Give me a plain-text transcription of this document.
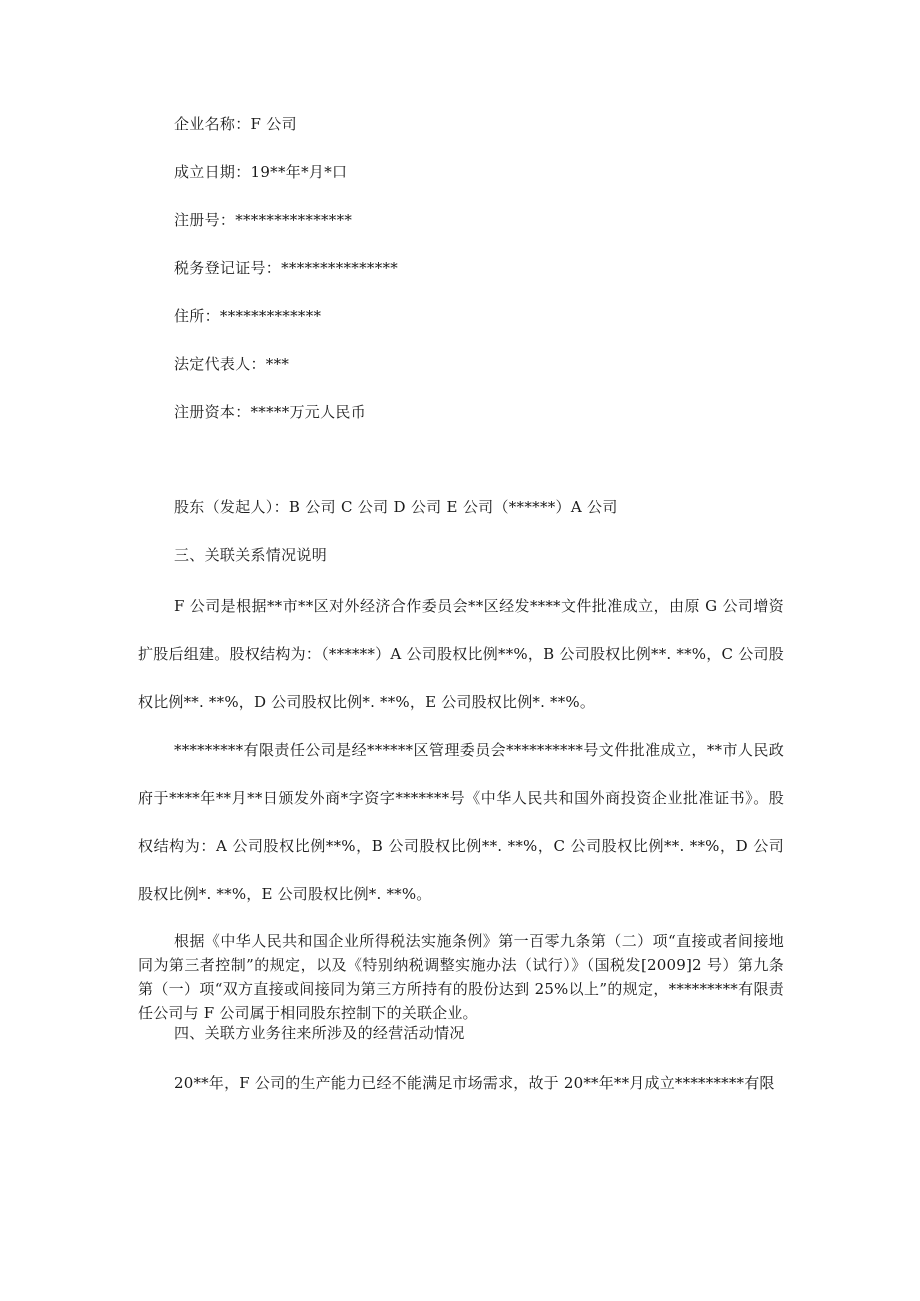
企业名称：F 公司
成立日期：19**年*月*口
注册号：***************
税务登记证号：***************
住所：*************
法定代表人：***
注册资本：*****万元人民币
股东（发起人）：B 公司 C 公司 D 公司 E 公司（******）A 公司
三、关联关系情况说明

F 公司是根据**市**区对外经济合作委员会**区经发****文件批准成立，由原 G 公司增资扩股后组建。股权结构为：（******）A 公司股权比例**%，B 公司股权比例**. **%，C 公司股权比例**. **%，D 公司股权比例*. **%，E 公司股权比例*. **%。

*********有限责任公司是经******区管理委员会**********号文件批准成立，**市人民政府于****年**月**日颁发外商*字资字*******号《中华人民共和国外商投资企业批准证书》。股权结构为：A 公司股权比例**%，B 公司股权比例**. **%，C 公司股权比例**. **%，D 公司股权比例*. **%，E 公司股权比例*. **%。

根据《中华人民共和国企业所得税法实施条例》第一百零九条第（二）项“直接或者间接地同为第三者控制”的规定，以及《特别纳税调整实施办法（试行）》（国税发[2009]2 号）第九条第（一）项“双方直接或间接同为第三方所持有的股份达到 25%以上”的规定，*********有限责任公司与 F 公司属于相同股东控制下的关联企业。

四、关联方业务往来所涉及的经营活动情况

20**年，F 公司的生产能力已经不能满足市场需求，故于 20**年**月成立*********有限
